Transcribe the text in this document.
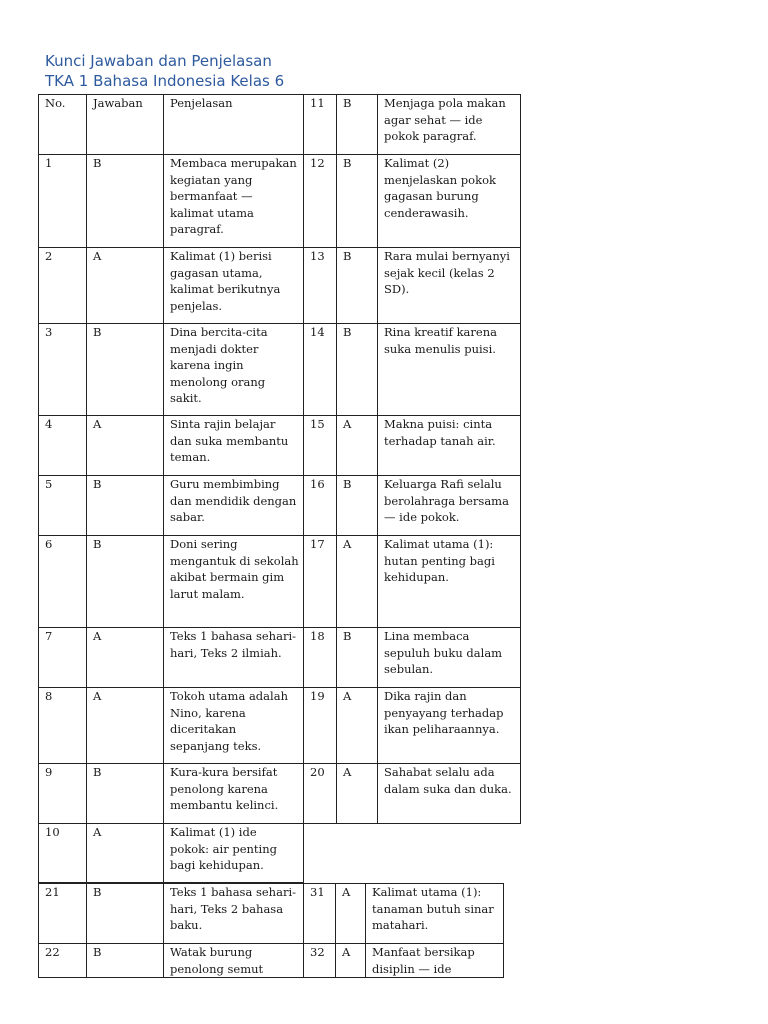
Kunci Jawaban dan Penjelasan
TKA 1 Bahasa Indonesia Kelas 6
No.	Jawaban	Penjelasan	11	B	Menjaga pola makan agar sehat — ide pokok paragraf.
1	B	Membaca merupakan kegiatan yang bermanfaat — kalimat utama paragraf.	12	B	Kalimat (2) menjelaskan pokok gagasan burung cenderawasih.
2	A	Kalimat (1) berisi gagasan utama, kalimat berikutnya penjelas.	13	B	Rara mulai bernyanyi sejak kecil (kelas 2 SD).
3	B	Dina bercita-cita menjadi dokter karena ingin menolong orang sakit.	14	B	Rina kreatif karena suka menulis puisi.
4	A	Sinta rajin belajar dan suka membantu teman.	15	A	Makna puisi: cinta terhadap tanah air.
5	B	Guru membimbing dan mendidik dengan sabar.	16	B	Keluarga Rafi selalu berolahraga bersama — ide pokok.
6	B	Doni sering mengantuk di sekolah akibat bermain gim larut malam.	17	A	Kalimat utama (1): hutan penting bagi kehidupan.
7	A	Teks 1 bahasa sehari-hari, Teks 2 ilmiah.	18	B	Lina membaca sepuluh buku dalam sebulan.
8	A	Tokoh utama adalah Nino, karena diceritakan sepanjang teks.	19	A	Dika rajin dan penyayang terhadap ikan peliharaannya.
9	B	Kura-kura bersifat penolong karena membantu kelinci.	20	A	Sahabat selalu ada dalam suka dan duka.
10	A	Kalimat (1) ide pokok: air penting bagi kehidupan.			
21	B	Teks 1 bahasa sehari-hari, Teks 2 bahasa baku.	31	A	Kalimat utama (1): tanaman butuh sinar matahari.
22	B	Watak burung penolong semut	32	A	Manfaat bersikap disiplin — ide
